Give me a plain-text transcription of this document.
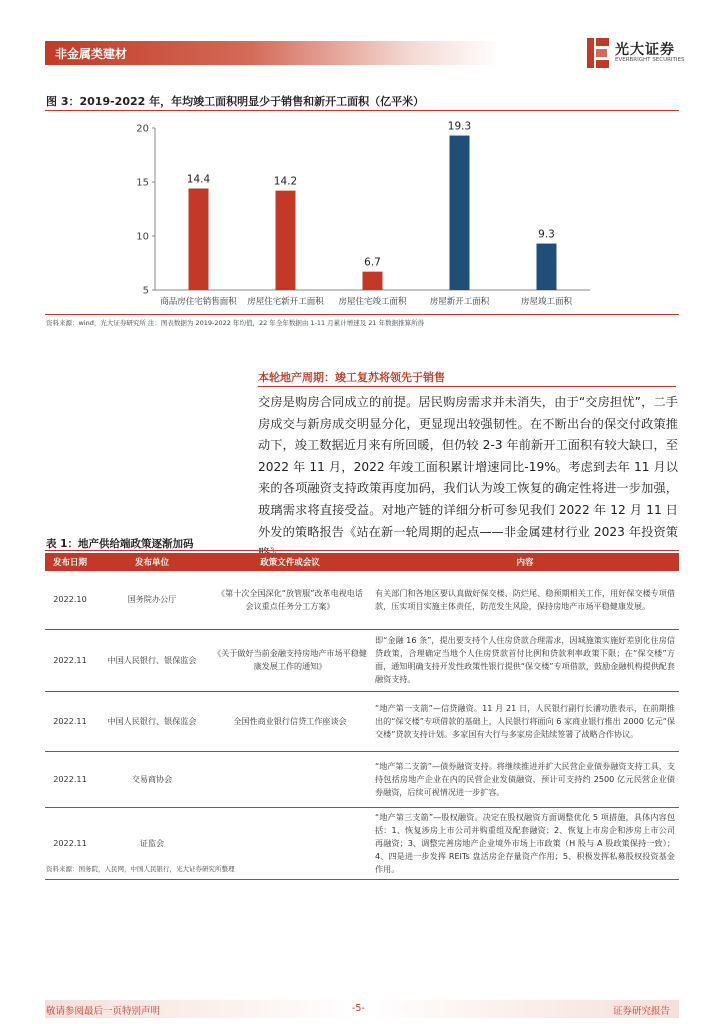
非金属类建材	光大证券
EVERBRIGHT SECURITIES
图 3：2019-2022 年，年均竣工面积明显少于销售和新开工面积（亿平米）
5
10
15
20
14.4
商品房住宅销售面积
14.2
房屋住宅新开工面积
6.7
房屋住宅竣工面积
19.3
房屋新开工面积
9.3
房屋竣工面积
资料来源：wind，光大证券研究所 注：图表数据为 2019-2022 年均值，22 年全年数据由 1-11 月累计增速及 21 年数据推算所得
本轮地产周期：竣工复苏将领先于销售
交房是购房合同成立的前提。居民购房需求并未消失，由于“交房担忧”，二手房成交与新房成交明显分化，更显现出较强韧性。在不断出台的保交付政策推动下，竣工数据近月来有所回暖，但仍较 2-3 年前新开工面积有较大缺口，至 2022 年 11 月，2022 年竣工面积累计增速同比-19%。考虑到去年 11 月以来的各项融资支持政策再度加码，我们认为竣工恢复的确定性将进一步加强，玻璃需求将直接受益。对地产链的详细分析可参见我们 2022 年 12 月 11 日外发的策略报告《站在新一轮周期的起点——非金属建材行业 2023 年投资策
表 1：地产供给端政策逐渐加码
发布日期	发布单位	政策文件或会议	内容
2022.10	国务院办公厅	《第十次全国深化“放管服”改革电视电话会议重点任务分工方案》	有关部门和各地区要认真做好保交楼、防烂尾、稳预期相关工作，用好保交楼专项借款，压实项目实施主体责任，防范发生风险，保持房地产市场平稳健康发展。
2022.11	中国人民银行、银保监会	《关于做好当前金融支持房地产市场平稳健康发展工作的通知》	即“金融 16 条”，提出要支持个人住房贷款合理需求，因城施策实施好差别化住房信贷政策，合理确定当地个人住房贷款首付比例和贷款利率政策下限；在“保交楼”方面，通知明确支持开发性政策性银行提供“保交楼”专项借款，鼓励金融机构提供配套融资支持。
2022.11	中国人民银行、银保监会	全国性商业银行信贷工作座谈会	“地产第一支箭”—信贷融资。11 月 21 日，人民银行副行长潘功胜表示，在前期推出的“保交楼”专项借款的基础上，人民银行将面向 6 家商业银行推出 2000 亿元“保交楼”贷款支持计划。多家国有大行与多家房企陆续签署了战略合作协议。
2022.11	交易商协会		“地产第二支箭”—债券融资支持。将继续推进并扩大民营企业债券融资支持工具，支持包括房地产企业在内的民营企业发债融资，预计可支持约 2500 亿元民营企业债券融资，后续可视情况进一步扩容。
2022.11	证监会		“地产第三支箭”—股权融资。决定在股权融资方面调整优化 5 项措施，具体内容包括：1、恢复涉房上市公司并购重组及配套融资；2、恢复上市房企和涉房上市公司再融资；3、调整完善房地产企业境外市场上市政策（H 股与 A 股政策保持一致）；4、四是进一步发挥 REITs 盘活房企存量资产作用；5、积极发挥私募股权投资基金作用。
资料来源：国务院，人民网，中国人民银行，光大证券研究所整理
敬请参阅最后一页特别声明	-5-	证券研究报告
